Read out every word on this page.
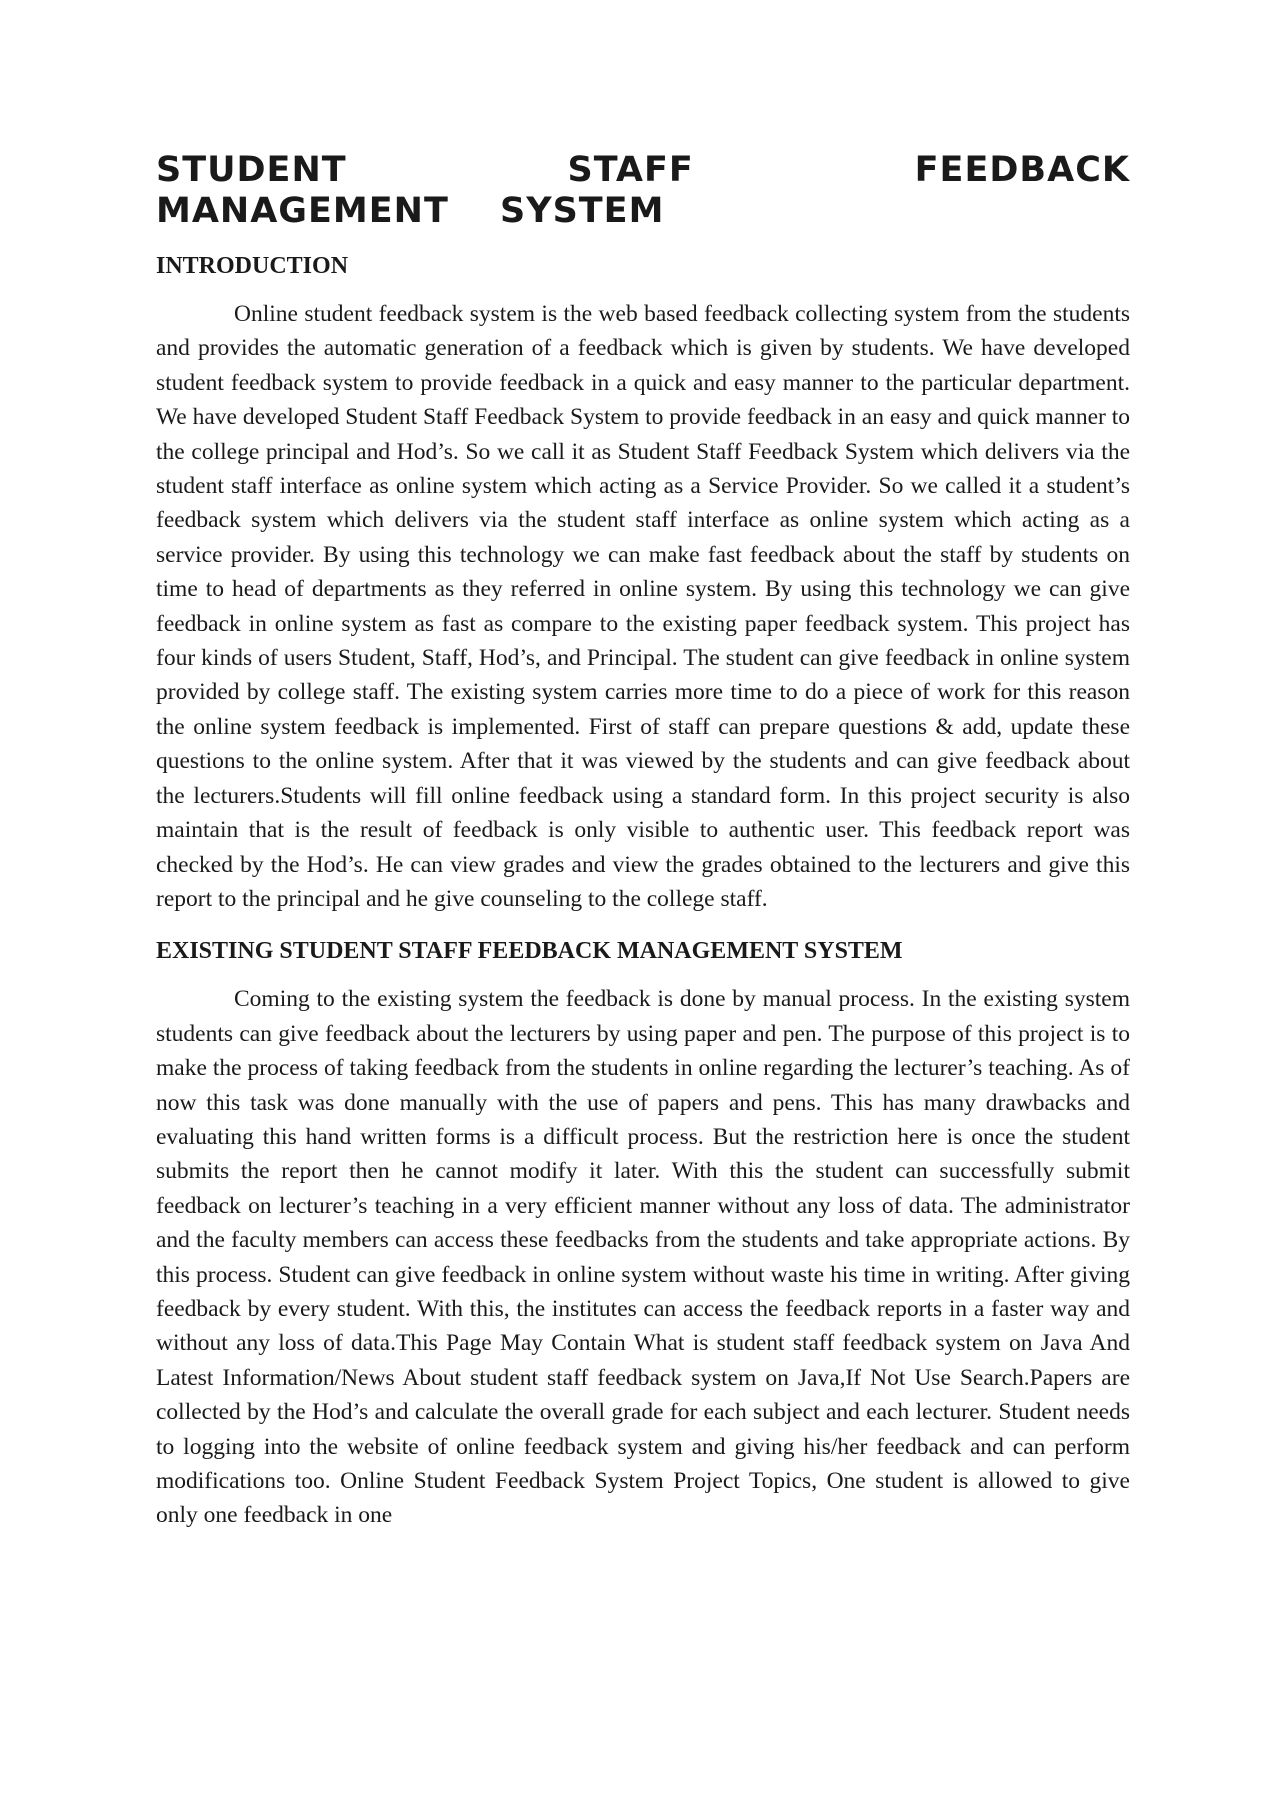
STUDENT STAFF FEEDBACK MANAGEMENT SYSTEM
INTRODUCTION

Online student feedback system is the web based feedback collecting system from the students and provides the automatic generation of a feedback which is given by students. We have developed student feedback system to provide feedback in a quick and easy manner to the particular department. We have developed Student Staff Feedback System to provide feedback in an easy and quick manner to the college principal and Hod’s. So we call it as Student Staff Feedback System which delivers via the student staff interface as online system which acting as a Service Provider. So we called it a student’s feedback system which delivers via the student staff interface as online system which acting as a service provider. By using this technology we can make fast feedback about the staff by students on time to head of departments as they referred in online system. By using this technology we can give feedback in online system as fast as compare to the existing paper feedback system. This project has four kinds of users Student, Staff, Hod’s, and Principal. The student can give feedback in online system provided by college staff. The existing system carries more time to do a piece of work for this reason the online system feedback is implemented. First of staff can prepare questions & add, update these questions to the online system. After that it was viewed by the students and can give feedback about the lecturers.Students will fill online feedback using a standard form. In this project security is also maintain that is the result of feedback is only visible to authentic user. This feedback report was checked by the Hod’s. He can view grades and view the grades obtained to the lecturers and give this report to the principal and he give counseling to the college staff.

EXISTING STUDENT STAFF FEEDBACK MANAGEMENT SYSTEM

Coming to the existing system the feedback is done by manual process. In the existing system students can give feedback about the lecturers by using paper and pen. The purpose of this project is to make the process of taking feedback from the students in online regarding the lecturer’s teaching. As of now this task was done manually with the use of papers and pens. This has many drawbacks and evaluating this hand written forms is a difficult process. But the restriction here is once the student submits the report then he cannot modify it later. With this the student can successfully submit feedback on lecturer’s teaching in a very efficient manner without any loss of data. The administrator and the faculty members can access these feedbacks from the students and take appropriate actions. By this process. Student can give feedback in online system without waste his time in writing. After giving feedback by every student. With this, the institutes can access the feedback reports in a faster way and without any loss of data.This Page May Contain What is student staff feedback system on Java And Latest Information/News About student staff feedback system on Java,If Not Use Search.Papers are collected by the Hod’s and calculate the overall grade for each subject and each lecturer. Student needs to logging into the website of online feedback system and giving his/her feedback and can perform modifications too. Online Student Feedback System Project Topics, One student is allowed to give only one feedback in one
